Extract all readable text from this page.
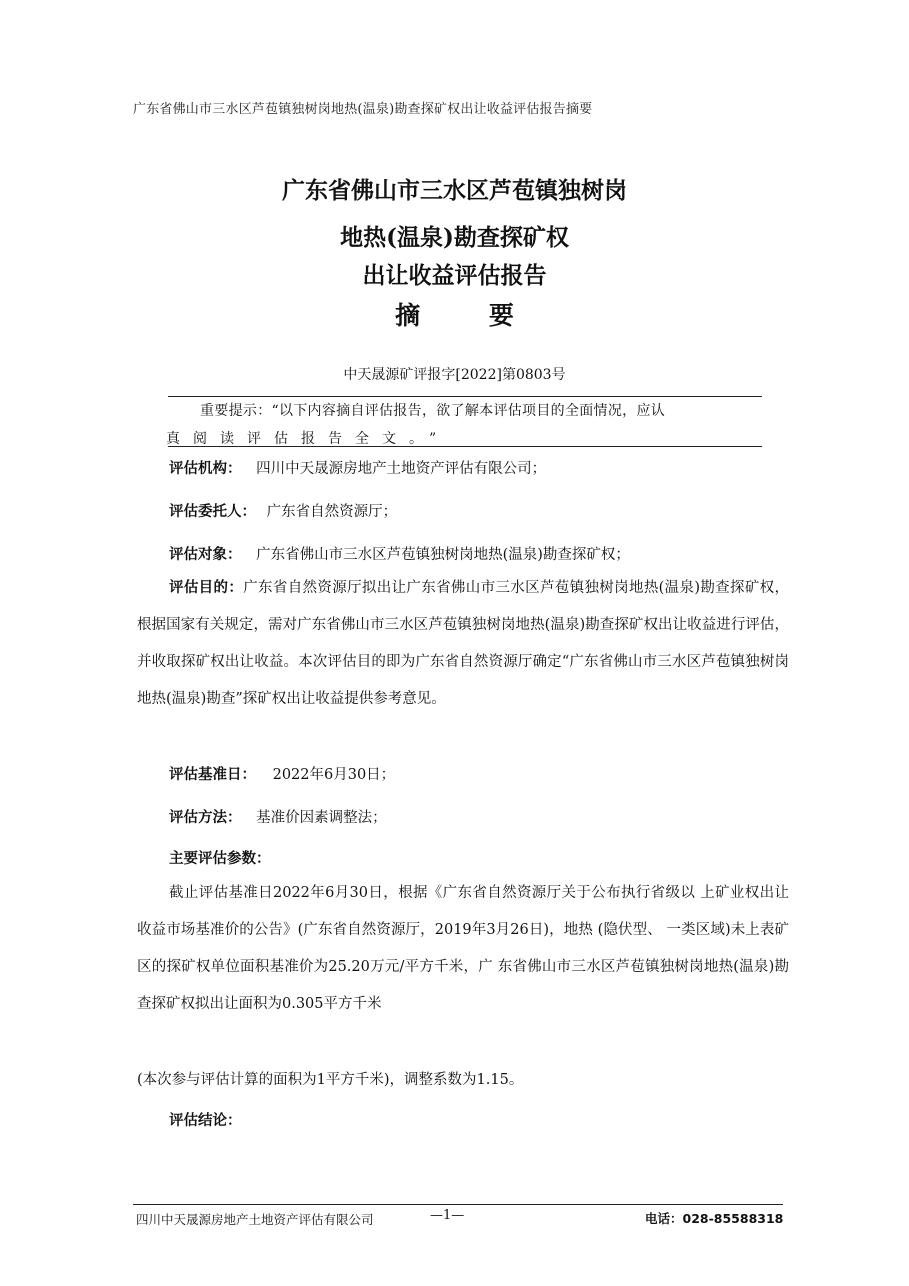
广东省佛山市三水区芦苞镇独树岗地热(温泉)勘查探矿权出让收益评估报告摘要
广东省佛山市三水区芦苞镇独树岗
地热(温泉)勘查探矿权
出让收益评估报告
摘 要
中天晟源矿评报字[2022]第0803号
重要提示：“以下内容摘自评估报告，欲了解本评估项目的全面情况，应认
真阅读评估报告全文。”
评估机构： 四川中天晟源房地产土地资产评估有限公司；
评估委托人： 广东省自然资源厅；
评估对象： 广东省佛山市三水区芦苞镇独树岗地热(温泉)勘查探矿权；
评估目的：广东省自然资源厅拟出让广东省佛山市三水区芦苞镇独树岗地热(温泉)勘查探矿权，根据国家有关规定，需对广东省佛山市三水区芦苞镇独树岗地热(温泉)勘查探矿权出让收益进行评估，并收取探矿权出让收益。本次评估目的即为广东省自然资源厅确定“广东省佛山市三水区芦苞镇独树岗地热(温泉)勘查”探矿权出让收益提供参考意见。
评估基准日： 2022年6月30日；
评估方法： 基准价因素调整法；
主要评估参数：
截止评估基准日2022年6月30日，根据《广东省自然资源厅关于公布执行省级以 上矿业权出让收益市场基准价的公告》(广东省自然资源厅，2019年3月26日)，地热 (隐伏型、 一类区域)未上表矿区的探矿权单位面积基准价为25.20万元/平方千米，广 东省佛山市三水区芦苞镇独树岗地热(温泉)勘查探矿权拟出让面积为0.305平方千米
(本次参与评估计算的面积为1平方千米)，调整系数为1.15。
评估结论：
四川中天晟源房地产土地资产评估有限公司	—1—	电话：028-85588318
